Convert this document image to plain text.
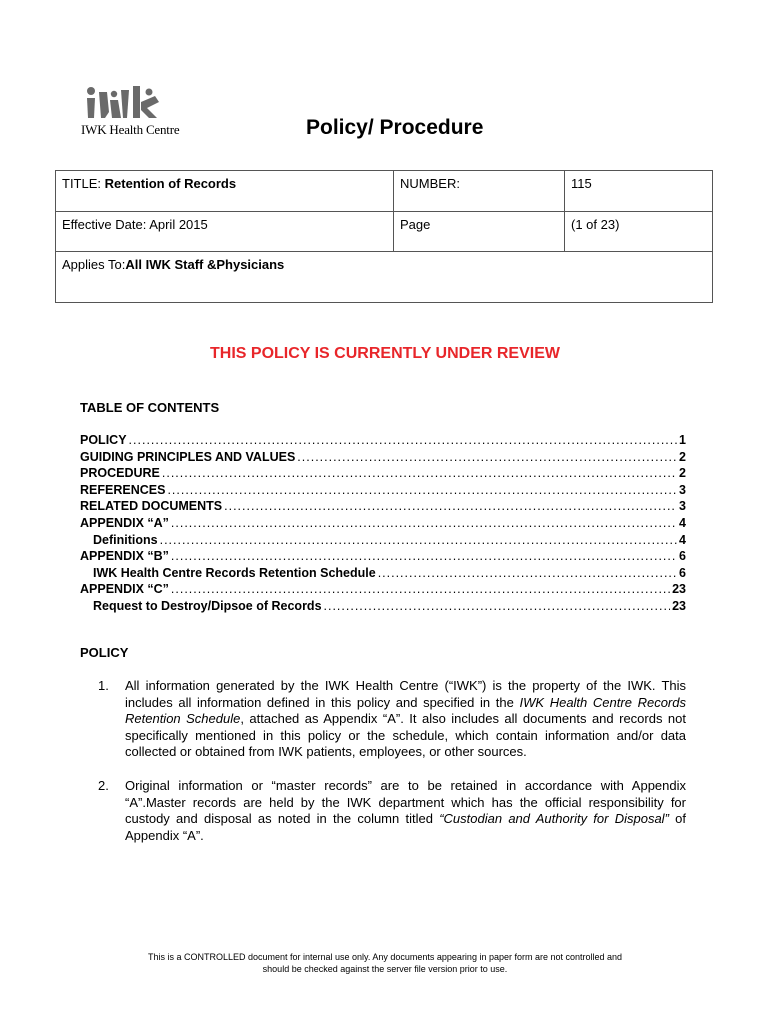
IWK Health Centre	Policy/ Procedure
TITLE: Retention of Records	NUMBER:	115
Effective Date: April 2015	Page	(1 of 23)
Applies To:All IWK Staff &Physicians		
THIS POLICY IS CURRENTLY UNDER REVIEW
TABLE OF CONTENTS
POLICY .....	1
GUIDING PRINCIPLES AND VALUES .....	2
PROCEDURE .....	2
REFERENCES .....	3
RELATED DOCUMENTS .....	3
APPENDIX “A” .....	4
Definitions .....	4
APPENDIX “B” .....	6
IWK Health Centre Records Retention Schedule .....	6
APPENDIX “C” .....	23
Request to Destroy/Dipsoe of Records .....	23
POLICY
1.	All information generated by the IWK Health Centre (“IWK”) is the property of the IWK. This includes all information defined in this policy and specified in the IWK Health Centre Records Retention Schedule, attached as Appendix “A”. It also includes all documents and records not specifically mentioned in this policy or the schedule, which contain information and/or data collected or obtained from IWK patients, employees, or other sources.
2.	Original information or “master records” are to be retained in accordance with Appendix “A”.Master records are held by the IWK department which has the official responsibility for custody and disposal as noted in the column titled “Custodian and Authority for Disposal” of Appendix “A”.
This is a CONTROLLED document for internal use only. Any documents appearing in paper form are not controlled and
should be checked against the server file version prior to use.
